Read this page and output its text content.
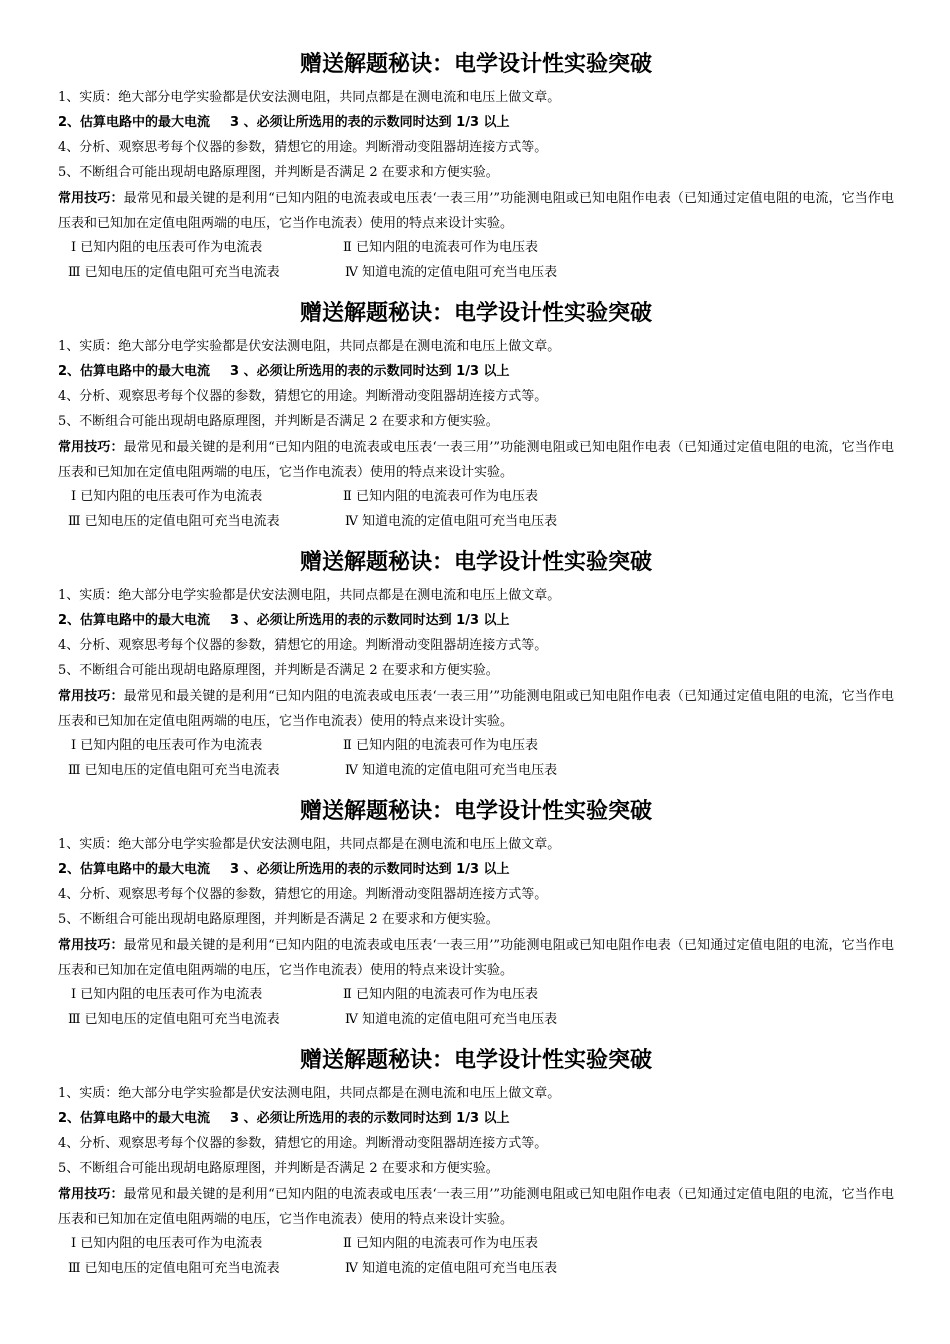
赠送解题秘诀：电学设计性实验突破
1、实质：绝大部分电学实验都是伏安法测电阻，共同点都是在测电流和电压上做文章。
2、估算电路中的最大电流 3 、必须让所选用的表的示数同时达到 1/3 以上
4、分析、观察思考每个仪器的参数，猜想它的用途。判断滑动变阻器胡连接方式等。
5、不断组合可能出现胡电路原理图，并判断是否满足 2 在要求和方便实验。
常用技巧：最常见和最关键的是利用“已知内阻的电流表或电压表‘一表三用’”功能测电阻或已知电阻作电表（已知通过定值电阻的电流，它当作电压表和已知加在定值电阻两端的电压，它当作电流表）使用的特点来设计实验。
Ⅰ 已知内阻的电压表可作为电流表	Ⅱ 已知内阻的电流表可作为电压表
Ⅲ 已知电压的定值电阻可充当电流表	Ⅳ 知道电流的定值电阻可充当电压表
赠送解题秘诀：电学设计性实验突破
1、实质：绝大部分电学实验都是伏安法测电阻，共同点都是在测电流和电压上做文章。
2、估算电路中的最大电流 3 、必须让所选用的表的示数同时达到 1/3 以上
4、分析、观察思考每个仪器的参数，猜想它的用途。判断滑动变阻器胡连接方式等。
5、不断组合可能出现胡电路原理图，并判断是否满足 2 在要求和方便实验。
常用技巧：最常见和最关键的是利用“已知内阻的电流表或电压表‘一表三用’”功能测电阻或已知电阻作电表（已知通过定值电阻的电流，它当作电压表和已知加在定值电阻两端的电压，它当作电流表）使用的特点来设计实验。
Ⅰ 已知内阻的电压表可作为电流表	Ⅱ 已知内阻的电流表可作为电压表
Ⅲ 已知电压的定值电阻可充当电流表	Ⅳ 知道电流的定值电阻可充当电压表
赠送解题秘诀：电学设计性实验突破
1、实质：绝大部分电学实验都是伏安法测电阻，共同点都是在测电流和电压上做文章。
2、估算电路中的最大电流 3 、必须让所选用的表的示数同时达到 1/3 以上
4、分析、观察思考每个仪器的参数，猜想它的用途。判断滑动变阻器胡连接方式等。
5、不断组合可能出现胡电路原理图，并判断是否满足 2 在要求和方便实验。
常用技巧：最常见和最关键的是利用“已知内阻的电流表或电压表‘一表三用’”功能测电阻或已知电阻作电表（已知通过定值电阻的电流，它当作电压表和已知加在定值电阻两端的电压，它当作电流表）使用的特点来设计实验。
Ⅰ 已知内阻的电压表可作为电流表	Ⅱ 已知内阻的电流表可作为电压表
Ⅲ 已知电压的定值电阻可充当电流表	Ⅳ 知道电流的定值电阻可充当电压表
赠送解题秘诀：电学设计性实验突破
1、实质：绝大部分电学实验都是伏安法测电阻，共同点都是在测电流和电压上做文章。
2、估算电路中的最大电流 3 、必须让所选用的表的示数同时达到 1/3 以上
4、分析、观察思考每个仪器的参数，猜想它的用途。判断滑动变阻器胡连接方式等。
5、不断组合可能出现胡电路原理图，并判断是否满足 2 在要求和方便实验。
常用技巧：最常见和最关键的是利用“已知内阻的电流表或电压表‘一表三用’”功能测电阻或已知电阻作电表（已知通过定值电阻的电流，它当作电压表和已知加在定值电阻两端的电压，它当作电流表）使用的特点来设计实验。
Ⅰ 已知内阻的电压表可作为电流表	Ⅱ 已知内阻的电流表可作为电压表
Ⅲ 已知电压的定值电阻可充当电流表	Ⅳ 知道电流的定值电阻可充当电压表
赠送解题秘诀：电学设计性实验突破
1、实质：绝大部分电学实验都是伏安法测电阻，共同点都是在测电流和电压上做文章。
2、估算电路中的最大电流 3 、必须让所选用的表的示数同时达到 1/3 以上
4、分析、观察思考每个仪器的参数，猜想它的用途。判断滑动变阻器胡连接方式等。
5、不断组合可能出现胡电路原理图，并判断是否满足 2 在要求和方便实验。
常用技巧：最常见和最关键的是利用“已知内阻的电流表或电压表‘一表三用’”功能测电阻或已知电阻作电表（已知通过定值电阻的电流，它当作电压表和已知加在定值电阻两端的电压，它当作电流表）使用的特点来设计实验。
Ⅰ 已知内阻的电压表可作为电流表	Ⅱ 已知内阻的电流表可作为电压表
Ⅲ 已知电压的定值电阻可充当电流表	Ⅳ 知道电流的定值电阻可充当电压表
